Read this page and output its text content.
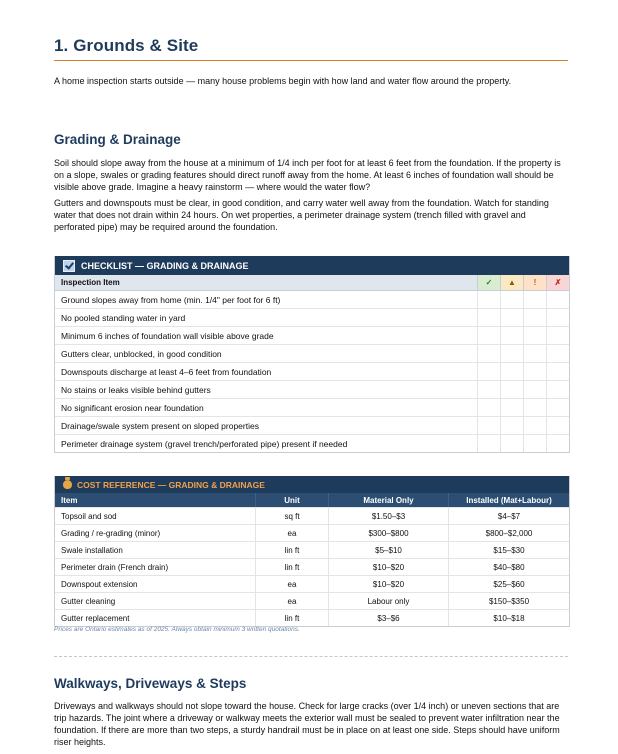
1. Grounds & Site
A home inspection starts outside — many house problems begin with how land and water flow around the property.
Grading & Drainage
Soil should slope away from the house at a minimum of 1/4 inch per foot for at least 6 feet from the foundation. If the property is on a slope, swales or grading features should direct runoff away from the home. At least 6 inches of foundation wall should be visible above grade. Imagine a heavy rainstorm — where would the water flow?
Gutters and downspouts must be clear, in good condition, and carry water well away from the foundation. Watch for standing water that does not drain within 24 hours. On wet properties, a perimeter drainage system (trench filled with gravel and perforated pipe) may be required around the foundation.
CHECKLIST — GRADING & DRAINAGE
Inspection Item	✓	▲	!	✗
Ground slopes away from home (min. 1/4" per foot for 6 ft)
No pooled standing water in yard
Minimum 6 inches of foundation wall visible above grade
Gutters clear, unblocked, in good condition
Downspouts discharge at least 4–6 feet from foundation
No stains or leaks visible behind gutters
No significant erosion near foundation
Drainage/swale system present on sloped properties
Perimeter drainage system (gravel trench/perforated pipe) present if needed
COST REFERENCE — GRADING & DRAINAGE
Item	Unit	Material Only	Installed (Mat+Labour)
Topsoil and sod	sq ft	$1.50–$3	$4–$7
Grading / re-grading (minor)	ea	$300–$800	$800–$2,000
Swale installation	lin ft	$5–$10	$15–$30
Perimeter drain (French drain)	lin ft	$10–$20	$40–$80
Downspout extension	ea	$10–$20	$25–$60
Gutter cleaning	ea	Labour only	$150–$350
Gutter replacement	lin ft	$3–$6	$10–$18
Prices are Ontario estimates as of 2025. Always obtain minimum 3 written quotations.
Walkways, Driveways & Steps
Driveways and walkways should not slope toward the house. Check for large cracks (over 1/4 inch) or uneven sections that are trip hazards. The joint where a driveway or walkway meets the exterior wall must be sealed to prevent water infiltration near the foundation. If there are more than two steps, a sturdy handrail must be in place on at least one side. Steps should have uniform riser heights.
